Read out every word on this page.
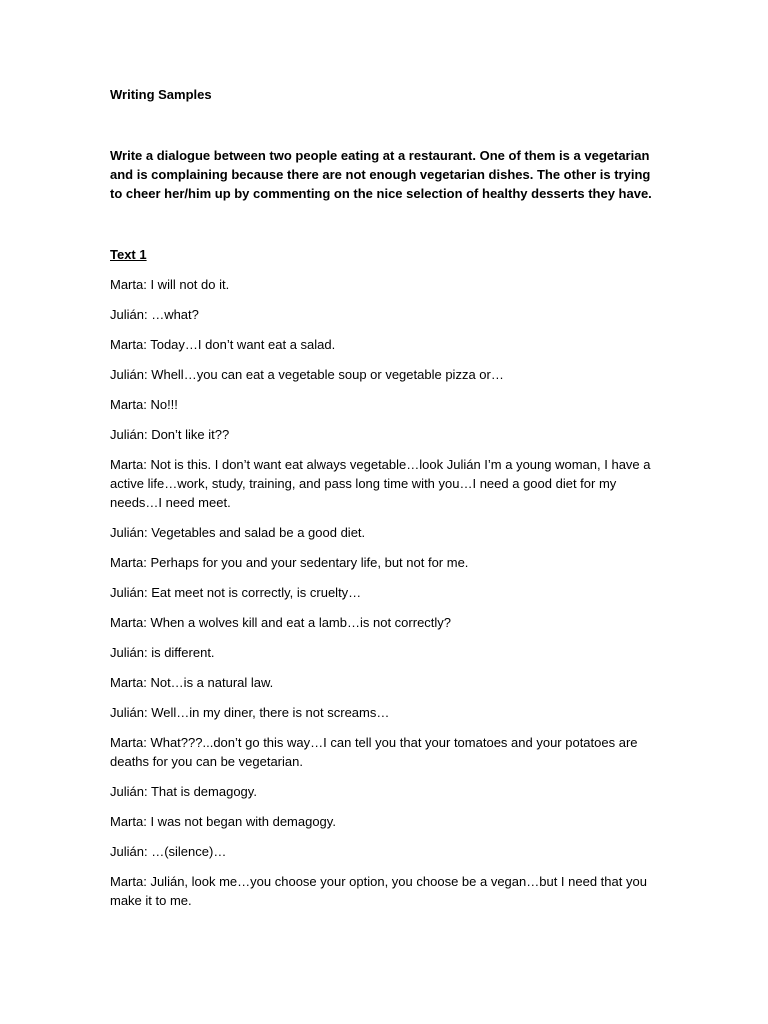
Writing Samples

Write a dialogue between two people eating at a restaurant. One of them is a vegetarian and is complaining because there are not enough vegetarian dishes. The other is trying to cheer her/him up by commenting on the nice selection of healthy desserts they have.

Text 1

Marta: I will not do it.

Julián: …what?

Marta: Today…I don’t want eat a salad.

Julián: Whell…you can eat a vegetable soup or vegetable pizza or…

Marta: No!!!

Julián: Don’t like it??

Marta: Not is this. I don’t want eat always vegetable…look Julián I’m a young woman, I have a active life…work, study, training, and pass long time with you…I need a good diet for my needs…I need meet.

Julián: Vegetables and salad be a good diet.

Marta: Perhaps for you and your sedentary life, but not for me.

Julián: Eat meet not is correctly, is cruelty…

Marta: When a wolves kill and eat a lamb…is not correctly?

Julián: is different.

Marta: Not…is a natural law.

Julián: Well…in my diner, there is not screams…

Marta: What???...don’t go this way…I can tell you that your tomatoes and your potatoes are deaths for you can be vegetarian.

Julián: That is demagogy.

Marta: I was not began with demagogy.

Julián: …(silence)…

Marta: Julián, look me…you choose your option, you choose be a vegan…but I need that you make it to me.
